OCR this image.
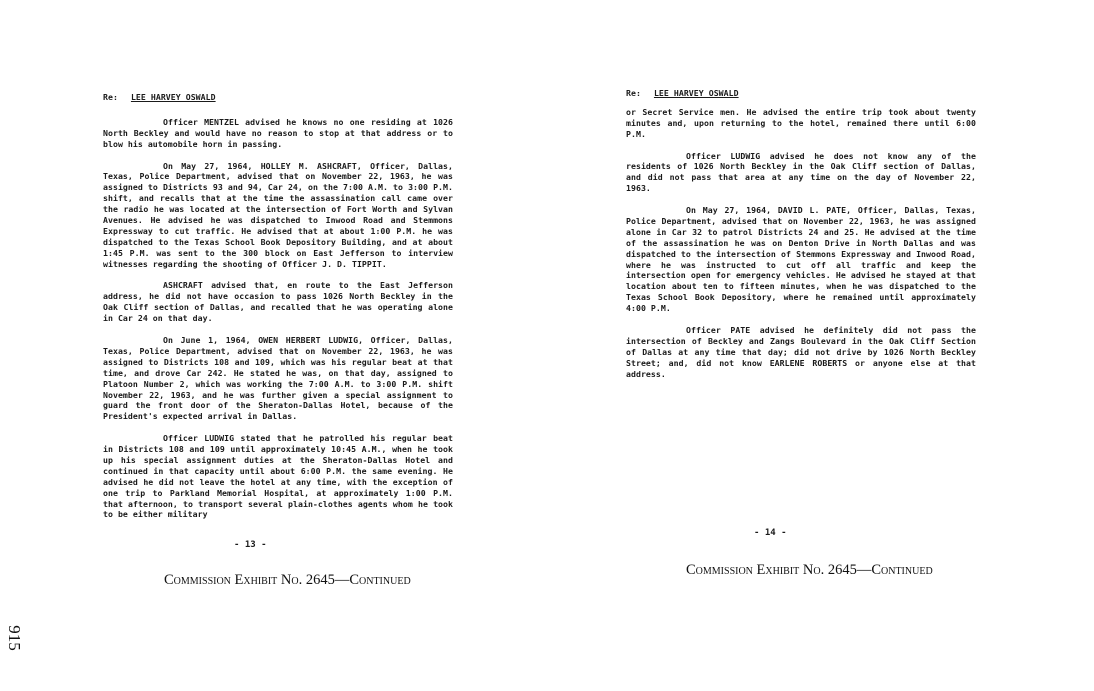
Re: LEE HARVEY OSWALD

Officer MENTZEL advised he knows no one residing at 1026 North Beckley and would have no reason to stop at that address or to blow his automobile horn in passing.

On May 27, 1964, HOLLEY M. ASHCRAFT, Officer, Dallas, Texas, Police Department, advised that on November 22, 1963, he was assigned to Districts 93 and 94, Car 24, on the 7:00 A.M. to 3:00 P.M. shift, and recalls that at the time the assassination call came over the radio he was located at the intersection of Fort Worth and Sylvan Avenues. He advised he was dispatched to Inwood Road and Stemmons Expressway to cut traffic. He advised that at about 1:00 P.M. he was dispatched to the Texas School Book Depository Building, and at about 1:45 P.M. was sent to the 300 block on East Jefferson to interview witnesses regarding the shooting of Officer J. D. TIPPIT.

ASHCRAFT advised that, en route to the East Jefferson address, he did not have occasion to pass 1026 North Beckley in the Oak Cliff section of Dallas, and recalled that he was operating alone in Car 24 on that day.

On June 1, 1964, OWEN HERBERT LUDWIG, Officer, Dallas, Texas, Police Department, advised that on November 22, 1963, he was assigned to Districts 108 and 109, which was his regular beat at that time, and drove Car 242. He stated he was, on that day, assigned to Platoon Number 2, which was working the 7:00 A.M. to 3:00 P.M. shift November 22, 1963, and he was further given a special assignment to guard the front door of the Sheraton-Dallas Hotel, because of the President's expected arrival in Dallas.

Officer LUDWIG stated that he patrolled his regular beat in Districts 108 and 109 until approximately 10:45 A.M., when he took up his special assignment duties at the Sheraton-Dallas Hotel and continued in that capacity until about 6:00 P.M. the same evening. He advised he did not leave the hotel at any time, with the exception of one trip to Parkland Memorial Hospital, at approximately 1:00 P.M. that afternoon, to transport several plain-clothes agents whom he took to be either military

- 13 -
Commission Exhibit No. 2645—Continued
Re: LEE HARVEY OSWALD

or Secret Service men. He advised the entire trip took about twenty minutes and, upon returning to the hotel, remained there until 6:00 P.M.

Officer LUDWIG advised he does not know any of the residents of 1026 North Beckley in the Oak Cliff section of Dallas, and did not pass that area at any time on the day of November 22, 1963.

On May 27, 1964, DAVID L. PATE, Officer, Dallas, Texas, Police Department, advised that on November 22, 1963, he was assigned alone in Car 32 to patrol Districts 24 and 25. He advised at the time of the assassination he was on Denton Drive in North Dallas and was dispatched to the intersection of Stemmons Expressway and Inwood Road, where he was instructed to cut off all traffic and keep the intersection open for emergency vehicles. He advised he stayed at that location about ten to fifteen minutes, when he was dispatched to the Texas School Book Depository, where he remained until approximately 4:00 P.M.

Officer PATE advised he definitely did not pass the intersection of Beckley and Zangs Boulevard in the Oak Cliff Section of Dallas at any time that day; did not drive by 1026 North Beckley Street; and, did not know EARLENE ROBERTS or anyone else at that address.

- 14 -
Commission Exhibit No. 2645—Continued
915
